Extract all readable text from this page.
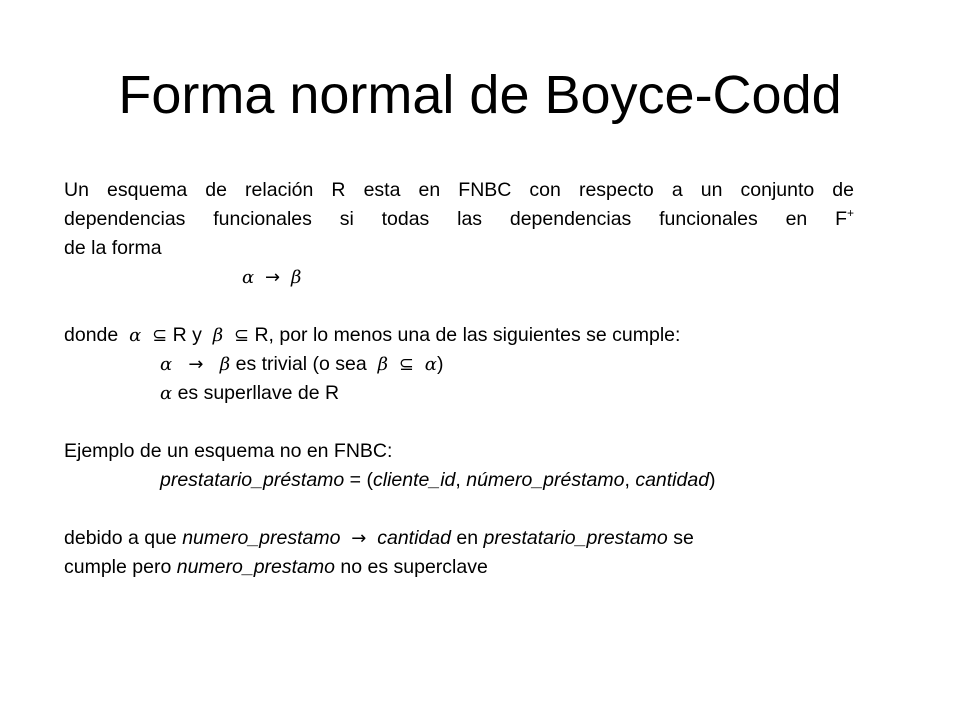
Forma normal de Boyce-Codd
Un esquema de relación R esta en FNBC con respecto a un conjunto de
dependencias funcionales si todas las dependencias funcionales en F+
de la forma
α → β
donde α ⊆ R y β ⊆ R, por lo menos una de las siguientes se cumple:
α → β es trivial (o sea β ⊆ α)
α es superllave de R
Ejemplo de un esquema no en FNBC:
prestatario_préstamo = (cliente_id, número_préstamo, cantidad)
debido a que numero_prestamo → cantidad en prestatario_prestamo se
cumple pero numero_prestamo no es superclave
